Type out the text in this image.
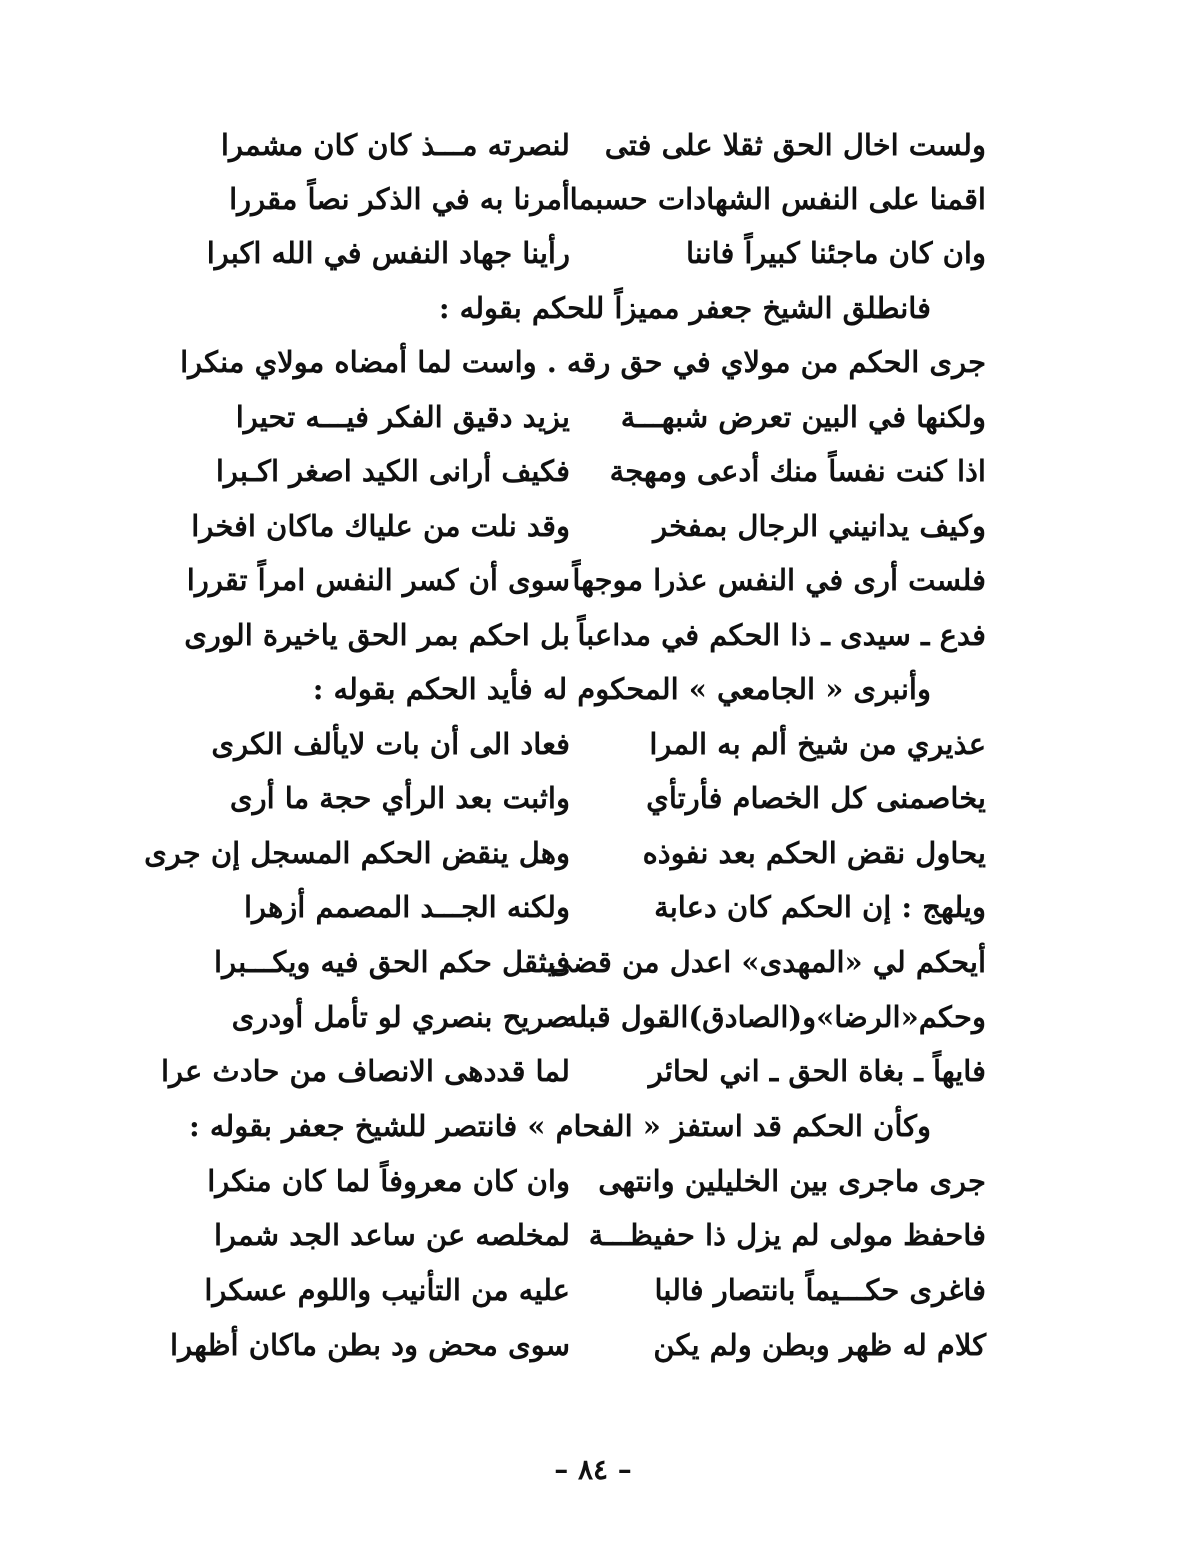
ولست اخال الحق ثقلا على فتى
لنصرته مـــذ كان كان مشمرا
اقمنا على النفس الشهادات حسبما
أمرنا به في الذكر نصاً مقررا
وان كان ماجئنا كبيراً فاننا
رأينا جهاد النفس في الله اكبرا
فانطلق الشيخ جعفر مميزاً للحكم بقوله :
جرى الحكم من مولاي في حق رقه . واست لما أمضاه مولاي منكرا
ولكنها في البين تعرض شبهـــة
يزيد دقيق الفكر فيـــه تحيرا
اذا كنت نفساً منك أدعى ومهجة
فكيف أرانى الكيد اصغر اكـبرا
وكيف يدانيني الرجال بمفخر
وقد نلت من علياك ماكان افخرا
فلست أرى في النفس عذرا موجهاً
سوى أن كسر النفس امراً تقررا
فدع ـ سيدى ـ ذا الحكم في مداعباً
بل احكم بمر الحق ياخيرة الورى
وأنبرى « الجامعي » المحكوم له فأيد الحكم بقوله :
عذيري من شيخ ألم به المرا
فعاد الى أن بات لايألف الكرى
يخاصمنى كل الخصام فأرتأي
واثبت بعد الرأي حجة ما أرى
يحاول نقض الحكم بعد نفوذه
وهل ينقض الحكم المسجل إن جرى
ويلهج : إن الحكم كان دعابة
ولكنه الجـــد المصمم أزهرا
أيحكم لي «المهدى» اعدل من قضى
فيثقل حكم الحق فيه ويكـــبرا
وحكم«الرضا»و(الصادق)القول قبله
صريح بنصري لو تأمل أودرى
فايهاً ـ بغاة الحق ـ اني لحائر
لما قددهى الانصاف من حادث عرا
وكأن الحكم قد استفز « الفحام » فانتصر للشيخ جعفر بقوله :
جرى ماجرى بين الخليلين وانتهى
وان كان معروفاً لما كان منكرا
فاحفظ مولى لم يزل ذا حفيظـــة
لمخلصه عن ساعد الجد شمرا
فاغرى حكـــيماً بانتصار فالبا
عليه من التأنيب واللوم عسكرا
كلام له ظهر وبطن ولم يكن
سوى محض ود بطن ماكان أظهرا
– ٨٤ –
